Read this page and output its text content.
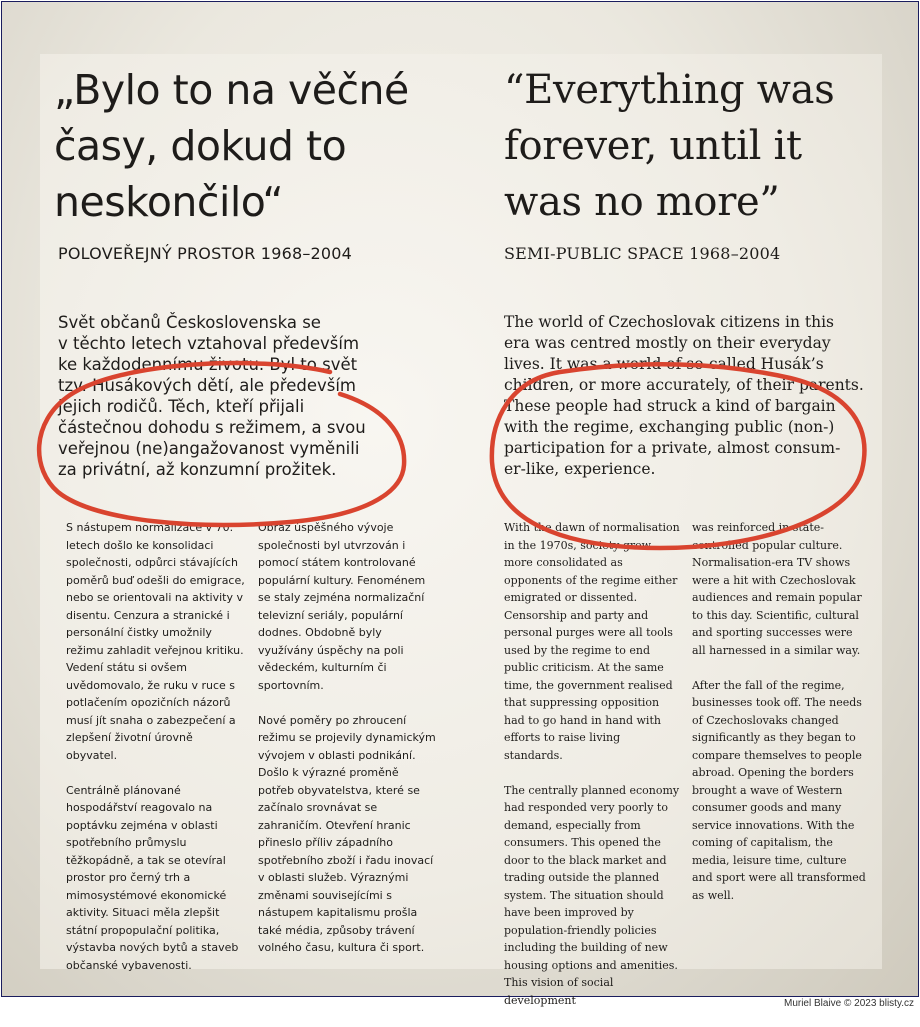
„Bylo to na věčné
časy, dokud to
neskončilo“
“Everything was
forever, until it
was no more”
POLOVEŘEJNÝ PROSTOR 1968–2004	SEMI-PUBLIC SPACE 1968–2004
Svět občanů Československa se
v těchto letech vztahoval především
ke každodennímu životu. Byl to svět
tzv. Husákových dětí, ale především
jejich rodičů. Těch, kteří přijali
částečnou dohodu s režimem, a svou
veřejnou (ne)angažovanost vyměnili
za privátní, až konzumní prožitek.
The world of Czechoslovak citizens in this
era was centred mostly on their everyday
lives. It was a world of so-called Husák’s
children, or more accurately, of their parents.
These people had struck a kind of bargain
with the regime, exchanging public (non-)
participation for a private, almost consum-
er-like, experience.

S nástupem normalizace v 70. letech došlo ke konsolidaci společnosti, odpůrci stávajících poměrů buď odešli do emigrace, nebo se orientovali na aktivity v disentu. Cenzura a stranické i personální čistky umožnily režimu zahladit veřejnou kritiku. Vedení státu si ovšem uvědomovalo, že ruku v ruce s potlačením opozičních názorů musí jít snaha o zabezpečení a zlepšení životní úrovně obyvatel.

Centrálně plánované hospodářství reagovalo na poptávku zejména v oblasti spotřebního průmyslu těžkopádně, a tak se otevíral prostor pro černý trh a mimosystémové ekonomické aktivity. Situaci měla zlepšit státní propopulační politika, výstavba nových bytů a staveb občanské vybavenosti.

Obraz úspěšného vývoje společnosti byl utvrzován i pomocí státem kontrolované populární kultury. Fenoménem se staly zejména normalizační televizní seriály, populární dodnes. Obdobně byly využívány úspěchy na poli vědeckém, kulturním či sportovním.

Nové poměry po zhroucení režimu se projevily dynamickým vývojem v oblasti podnikání. Došlo k výrazné proměně potřeb obyvatelstva, které se začínalo srovnávat se zahraničím. Otevření hranic přineslo příliv západního spotřebního zboží i řadu inovací v oblasti služeb. Výraznými změnami souvisejícími s nástupem kapitalismu prošla také média, způsoby trávení volného času, kultura či sport.

With the dawn of normalisation in the 1970s, society grew more consolidated as opponents of the regime either emigrated or dissented. Censorship and party and personal purges were all tools used by the regime to end public criticism. At the same time, the government realised that suppressing opposition had to go hand in hand with efforts to raise living standards.

The centrally planned economy had responded very poorly to demand, especially from consumers. This opened the door to the black market and trading outside the planned system. The situation should have been improved by population-friendly policies including the building of new housing options and amenities. This vision of social development

was reinforced in state-controlled popular culture. Normalisation-era TV shows were a hit with Czechoslovak audiences and remain popular to this day. Scientific, cultural and sporting successes were all harnessed in a similar way.

After the fall of the regime, businesses took off. The needs of Czechoslovaks changed significantly as they began to compare themselves to people abroad. Opening the borders brought a wave of Western consumer goods and many service innovations. With the coming of capitalism, the media, leisure time, culture and sport were all transformed as well.

Muriel Blaive © 2023 blisty.cz
